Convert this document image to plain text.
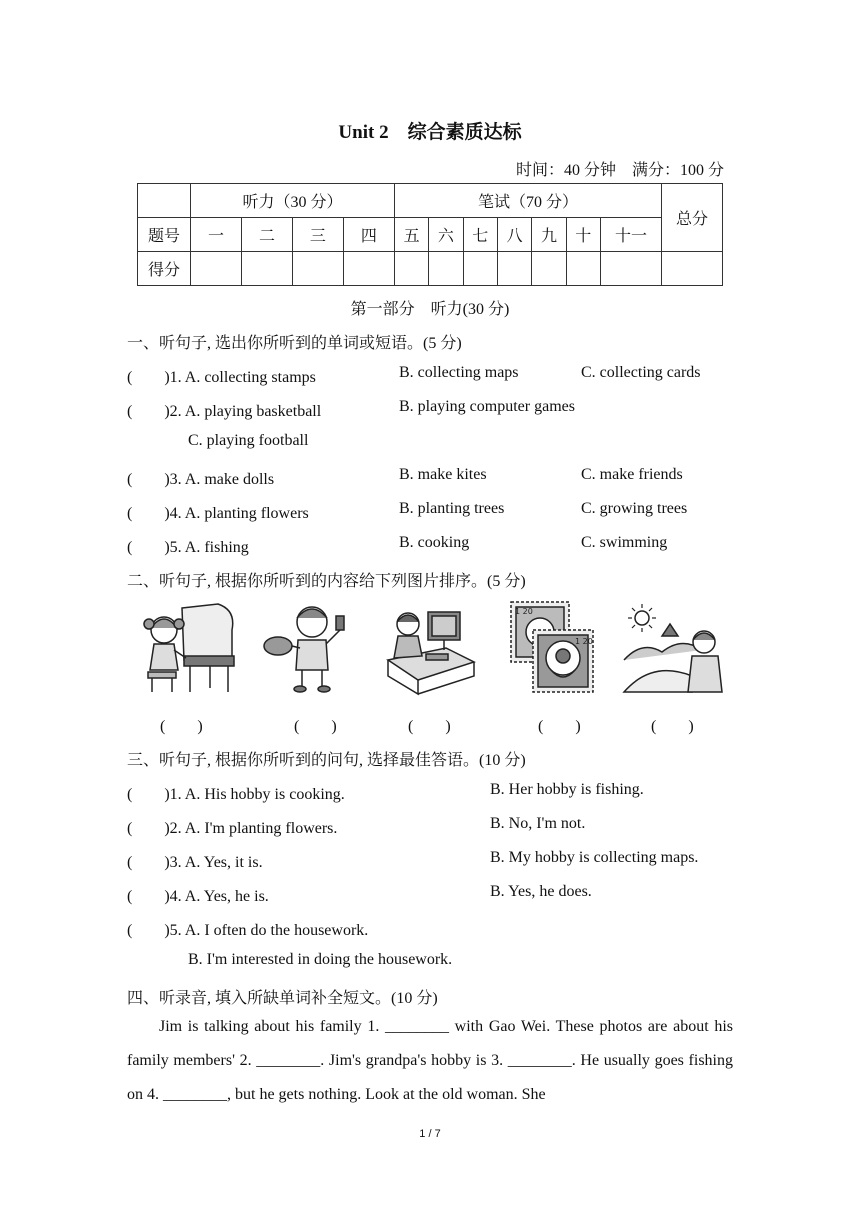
Unit 2　综合素质达标
时间：40 分钟　满分：100 分
	听力（30 分）				笔试（70 分）							总分
题号	一	二	三	四	五	六	七	八	九	十	十一	
得分												
第一部分　听力(30 分)
一、听句子, 选出你所听到的单词或短语。(5 分)
(　　)1. A. collecting stamps	B. collecting maps	C. collecting cards
(　　)2. A. playing basketball	B. playing computer games
C. playing football
(　　)3. A. make dolls	B. make kites	C. make friends
(　　)4. A. planting flowers	B. planting trees	C. growing trees
(　　)5. A. fishing	B. cooking	C. swimming
二、听句子, 根据你所听到的内容给下列图片排序。(5 分)
1 20
1 20
(　　)	(　　)	(　　)	(　　)	(　　)
三、听句子, 根据你所听到的问句, 选择最佳答语。(10 分)
(　　)1. A. His hobby is cooking.	B. Her hobby is fishing.
(　　)2. A. I'm planting flowers.	B. No, I'm not.
(　　)3. A. Yes, it is.	B. My hobby is collecting maps.
(　　)4. A. Yes, he is.	B. Yes, he does.
(　　)5. A. I often do the housework.
B. I'm interested in doing the housework.
四、听录音, 填入所缺单词补全短文。(10 分)
Jim is talking about his family 1. ________ with Gao Wei. These photos are about his family members' 2. ________. Jim's grandpa's hobby is 3. ________. He usually goes fishing on 4. ________, but he gets nothing. Look at the old woman. She
1 / 7
